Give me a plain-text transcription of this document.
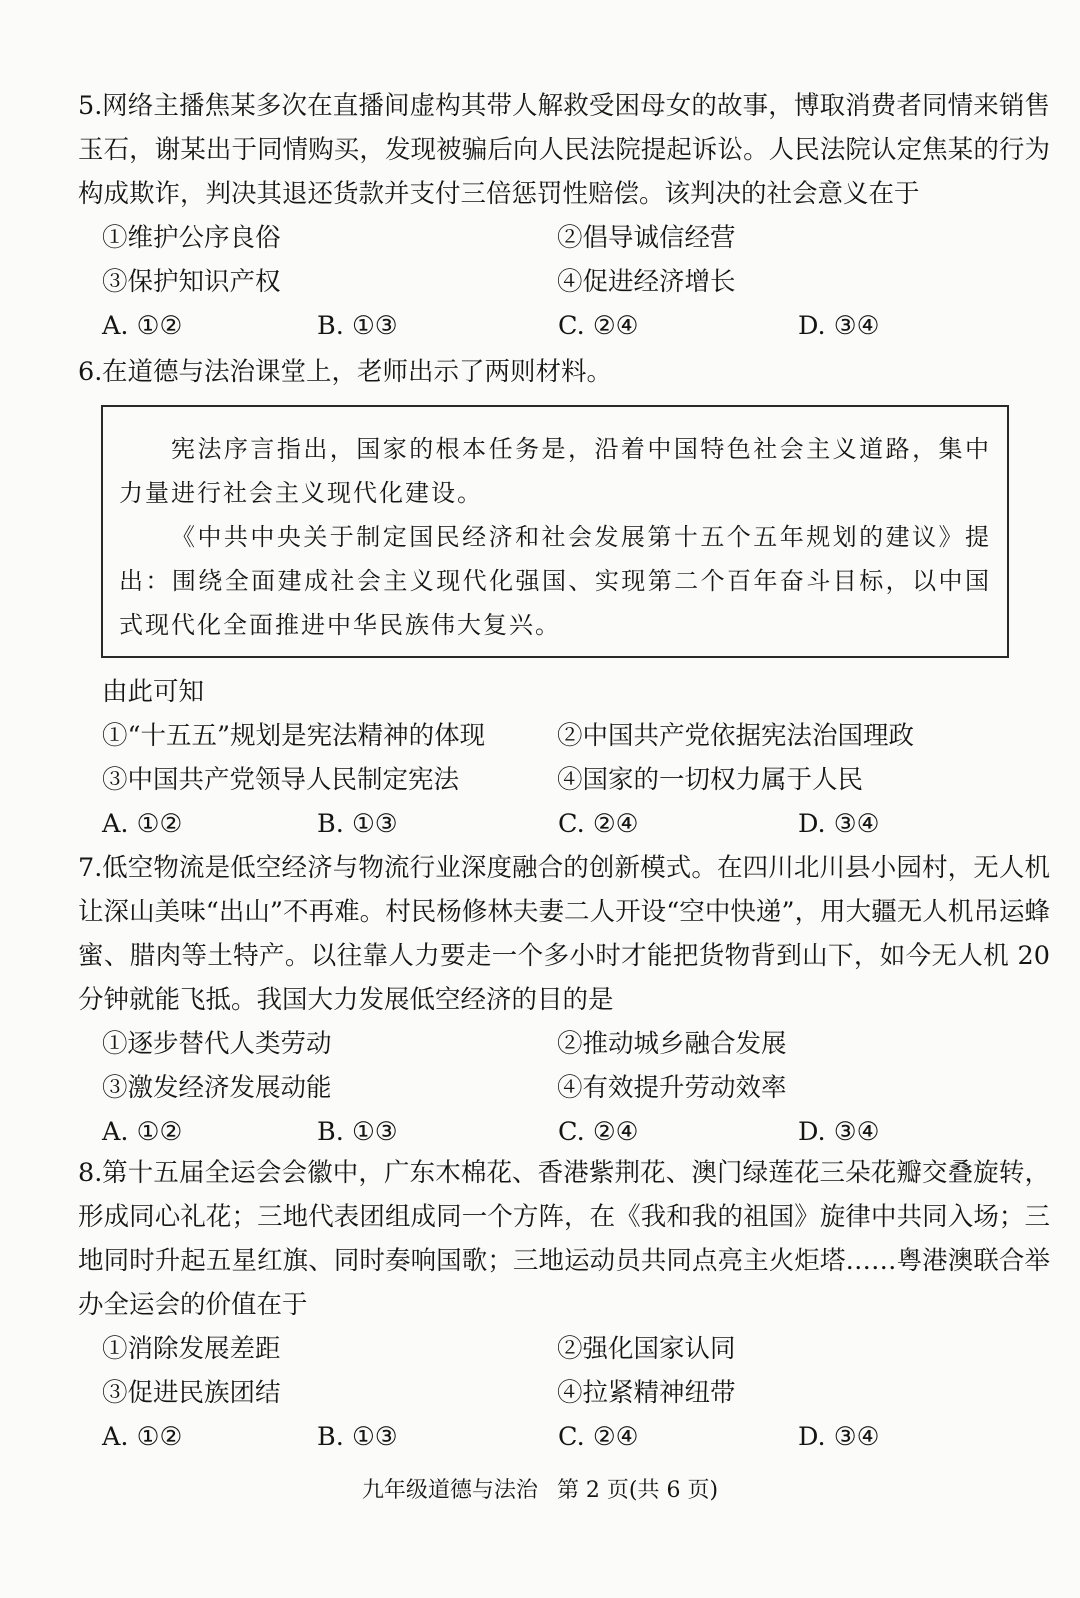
5.网络主播焦某多次在直播间虚构其带人解救受困母女的故事，博取消费者同情来销售玉石，谢某出于同情购买，发现被骗后向人民法院提起诉讼。人民法院认定焦某的行为构成欺诈，判决其退还货款并支付三倍惩罚性赔偿。该判决的社会意义在于

①维护公序良俗	②倡导诚信经营
③保护知识产权	④促进经济增长
A. ①②	B. ①③	C. ②④	D. ③④

6.在道德与法治课堂上，老师出示了两则材料。

宪法序言指出，国家的根本任务是，沿着中国特色社会主义道路，集中力量进行社会主义现代化建设。

《中共中央关于制定国民经济和社会发展第十五个五年规划的建议》提出：围绕全面建成社会主义现代化强国、实现第二个百年奋斗目标，以中国式现代化全面推进中华民族伟大复兴。

由此可知
①“十五五”规划是宪法精神的体现	②中国共产党依据宪法治国理政
③中国共产党领导人民制定宪法	④国家的一切权力属于人民
A. ①②	B. ①③	C. ②④	D. ③④

7.低空物流是低空经济与物流行业深度融合的创新模式。在四川北川县小园村，无人机让深山美味“出山”不再难。村民杨修林夫妻二人开设“空中快递”，用大疆无人机吊运蜂蜜、腊肉等土特产。以往靠人力要走一个多小时才能把货物背到山下，如今无人机 20 分钟就能飞抵。我国大力发展低空经济的目的是

①逐步替代人类劳动	②推动城乡融合发展
③激发经济发展动能	④有效提升劳动效率
A. ①②	B. ①③	C. ②④	D. ③④

8.第十五届全运会会徽中，广东木棉花、香港紫荆花、澳门绿莲花三朵花瓣交叠旋转，形成同心礼花；三地代表团组成同一个方阵，在《我和我的祖国》旋律中共同入场；三地同时升起五星红旗、同时奏响国歌；三地运动员共同点亮主火炬塔……粤港澳联合举办全运会的价值在于

①消除发展差距	②强化国家认同
③促进民族团结	④拉紧精神纽带
A. ①②	B. ①③	C. ②④	D. ③④
九年级道德与法治 第 2 页(共 6 页)
